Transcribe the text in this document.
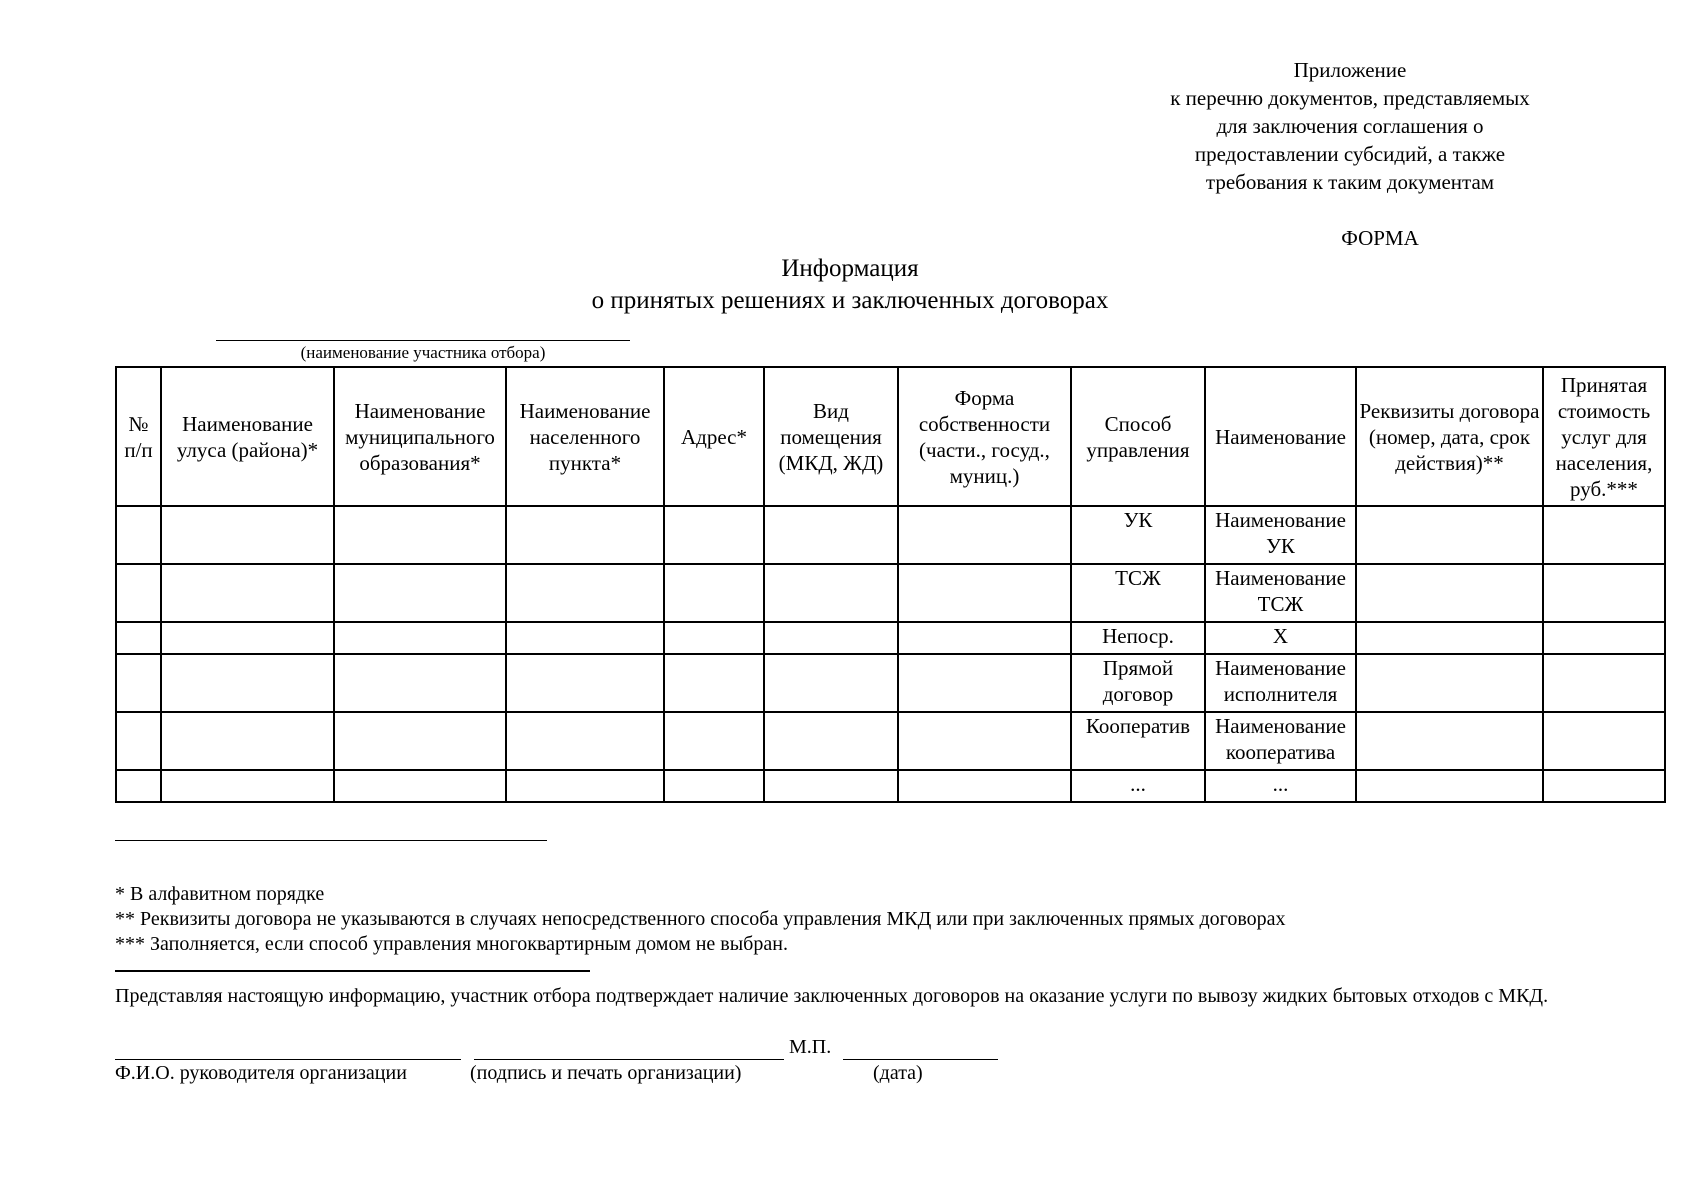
Приложение
к перечню документов, представляемых
для заключения соглашения о
предоставлении субсидий, а также
требования к таким документам
ФОРМА
Информация
о принятых решениях и заключенных договорах
(наименование участника отбора)
№ п/п	Наименование улуса (района)*	Наименование муниципального образования*	Наименование населенного пункта*	Адрес*	Вид помещения (МКД, ЖД)	Форма собственности (части., госуд., муниц.)	Способ управления	Наименование	Реквизиты договора (номер, дата, срок действия)**	Принятая стоимость услуг для населения, руб.***
							УК	Наименование УК		
							ТСЖ	Наименование ТСЖ		
							Непоср.	Х		
							Прямой договор	Наименование исполнителя		
							Кооператив	Наименование кооператива		
							...	...		
* В алфавитном порядке
** Реквизиты договора не указываются в случаях непосредственного способа управления МКД или при заключенных прямых договорах
*** Заполняется, если способ управления многоквартирным домом не выбран.
Представляя настоящую информацию, участник отбора подтверждает наличие заключенных договоров на оказание услуги по вывозу жидких бытовых отходов с МКД.
М.П.
Ф.И.О. руководителя организации	(подпись и печать организации)	(дата)
